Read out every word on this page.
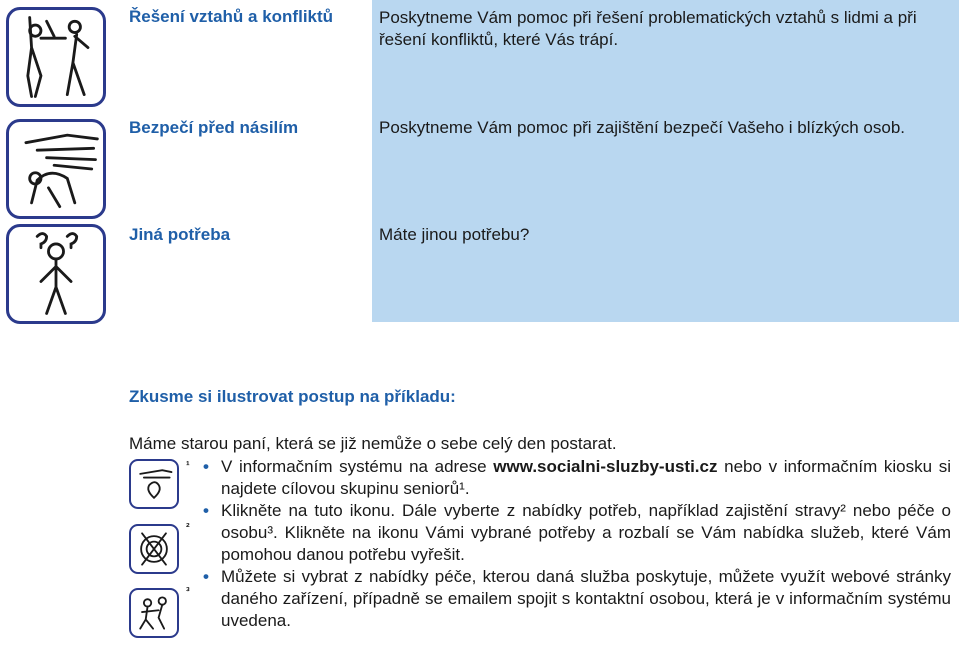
Řešení vztahů a konfliktů	Poskytneme Vám pomoc při řešení problematických vztahů s lidmi a při řešení konfliktů, které Vás trápí.
Bezpečí před násilím	Poskytneme Vám pomoc při zajištění bezpečí Vašeho i blízkých osob.
Jiná potřeba	Máte jinou potřebu?
Zkusme si ilustrovat postup na příkladu:
Máme starou paní, která se již nemůže o sebe celý den postarat.
¹
²
³
• V informačním systému na adrese www.socialni-sluzby-usti.cz nebo v informačním kiosku si najdete cílovou skupinu seniorů¹.
• Klikněte na tuto ikonu. Dále vyberte z nabídky potřeb, například zajistění stravy² nebo péče o osobu³. Klikněte na ikonu Vámi vybrané potřeby a rozbalí se Vám nabídka služeb, které Vám pomohou danou potřebu vyřešit.
• Můžete si vybrat z nabídky péče, kterou daná služba poskytuje, můžete využít webové stránky daného zařízení, případně se emailem spojit s kontaktní osobou, která je v informačním systému uvedena.
